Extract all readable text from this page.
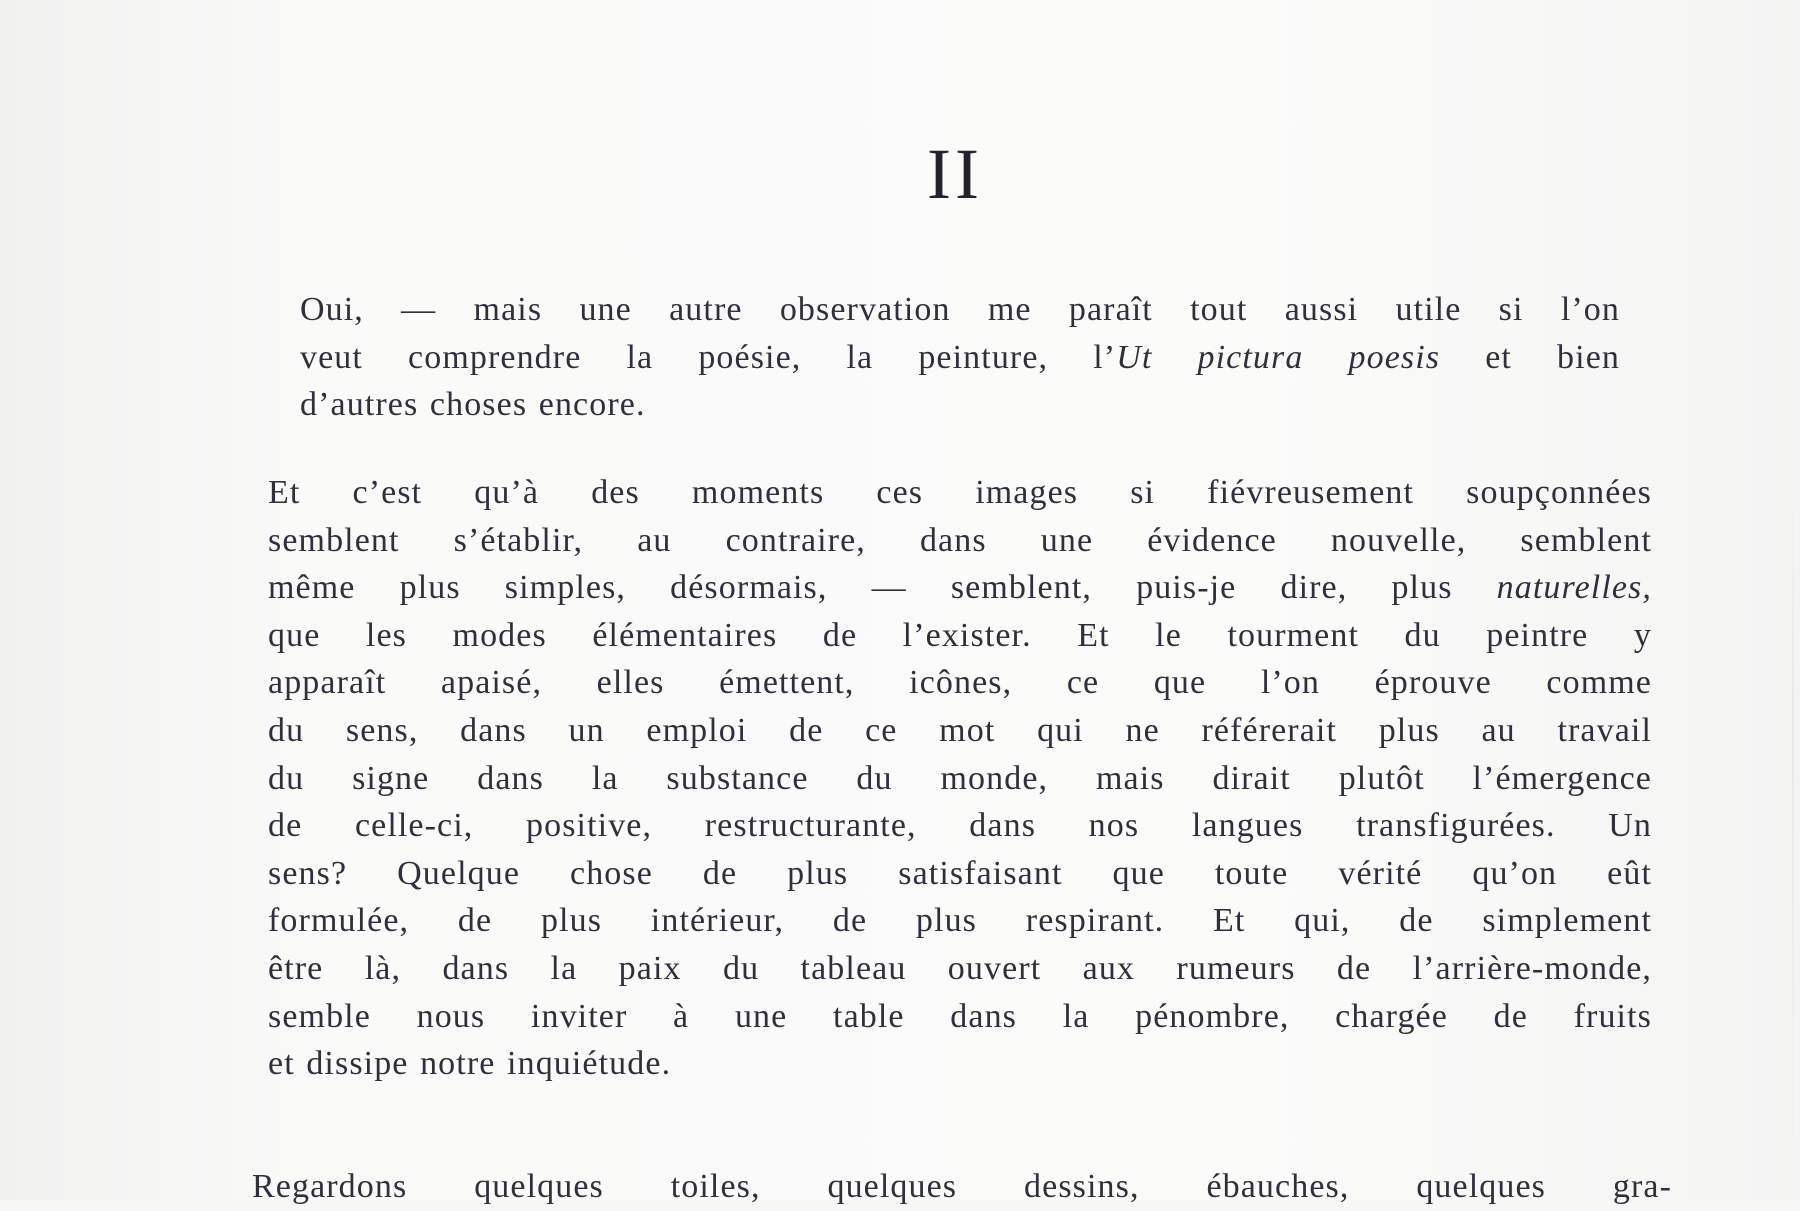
II

Oui, — mais une autre observation me paraît tout aussi utile si l’on
veut comprendre la poésie, la peinture, l’Ut pictura poesis et bien
d’autres choses encore.

Et c’est qu’à des moments ces images si fiévreusement soupçonnées
semblent s’établir, au contraire, dans une évidence nouvelle, semblent
même plus simples, désormais, — semblent, puis-je dire, plus naturelles,
que les modes élémentaires de l’exister. Et le tourment du peintre y
apparaît apaisé, elles émettent, icônes, ce que l’on éprouve comme
du sens, dans un emploi de ce mot qui ne référerait plus au travail
du signe dans la substance du monde, mais dirait plutôt l’émergence
de celle-ci, positive, restructurante, dans nos langues transfigurées. Un
sens? Quelque chose de plus satisfaisant que toute vérité qu’on eût
formulée, de plus intérieur, de plus respirant. Et qui, de simplement
être là, dans la paix du tableau ouvert aux rumeurs de l’arrière-monde,
semble nous inviter à une table dans la pénombre, chargée de fruits
et dissipe notre inquiétude.

Regardons quelques toiles, quelques dessins, ébauches, quelques gra-
